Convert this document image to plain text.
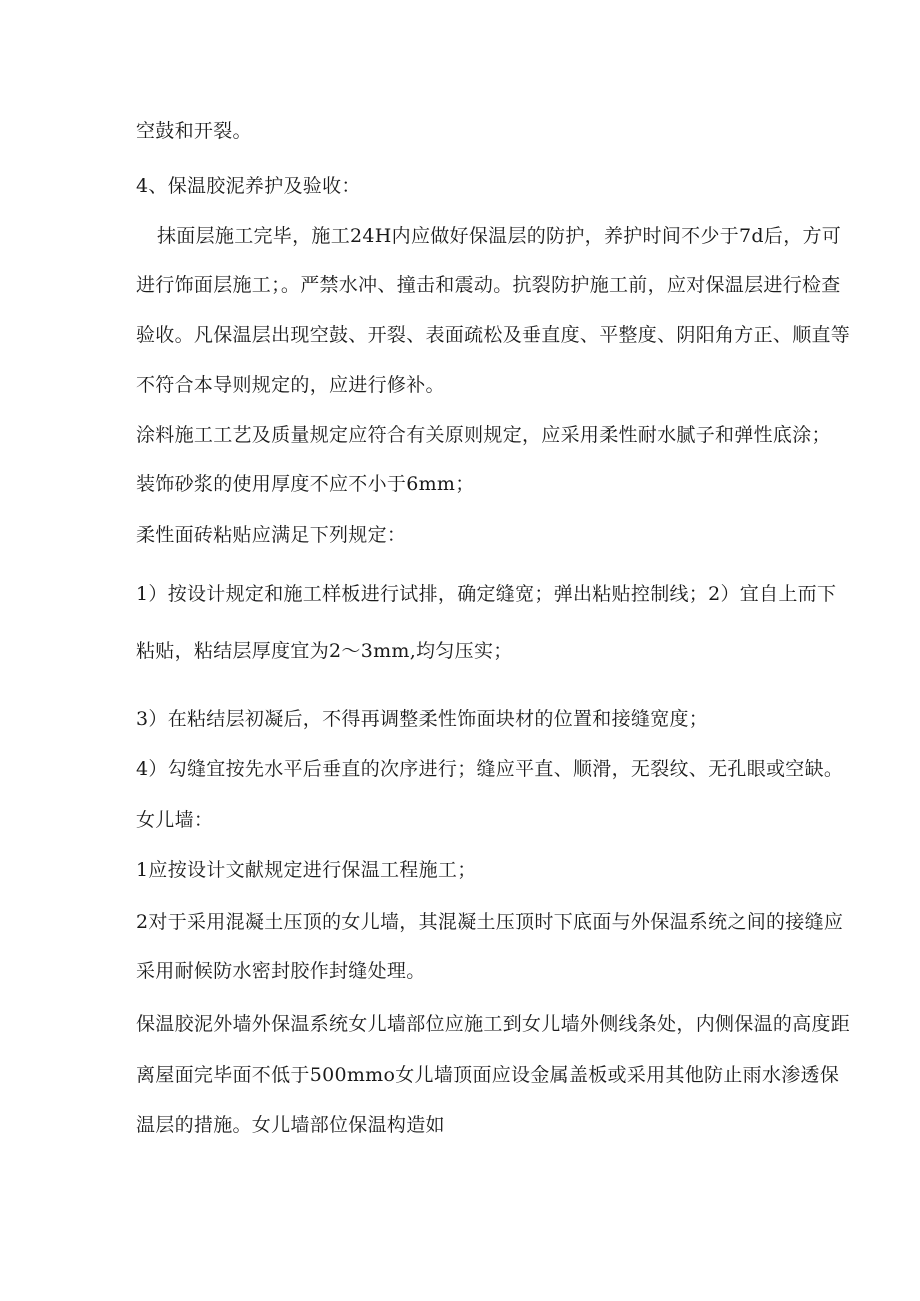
空鼓和开裂。
4、保温胶泥养护及验收：
抹面层施工完毕，施工24H内应做好保温层的防护，养护时间不少于7d后，方可
进行饰面层施工；。严禁水冲、撞击和震动。抗裂防护施工前，应对保温层进行检查
验收。凡保温层出现空鼓、开裂、表面疏松及垂直度、平整度、阴阳角方正、顺直等
不符合本导则规定的，应进行修补。
涂料施工工艺及质量规定应符合有关原则规定，应采用柔性耐水腻子和弹性底涂；
装饰砂浆的使用厚度不应不小于6mm；
柔性面砖粘贴应满足下列规定：
1）按设计规定和施工样板进行试排，确定缝宽；弹出粘贴控制线；2）宜自上而下
粘贴，粘结层厚度宜为2～3mm,均匀压实；
3）在粘结层初凝后，不得再调整柔性饰面块材的位置和接缝宽度；
4）勾缝宜按先水平后垂直的次序进行；缝应平直、顺滑，无裂纹、无孔眼或空缺。
女儿墙：
1应按设计文献规定进行保温工程施工；
2对于采用混凝土压顶的女儿墙，其混凝土压顶时下底面与外保温系统之间的接缝应
采用耐候防水密封胶作封缝处理。
保温胶泥外墙外保温系统女儿墙部位应施工到女儿墙外侧线条处，内侧保温的高度距
离屋面完毕面不低于500mmo女儿墙顶面应设金属盖板或采用其他防止雨水渗透保
温层的措施。女儿墙部位保温构造如
